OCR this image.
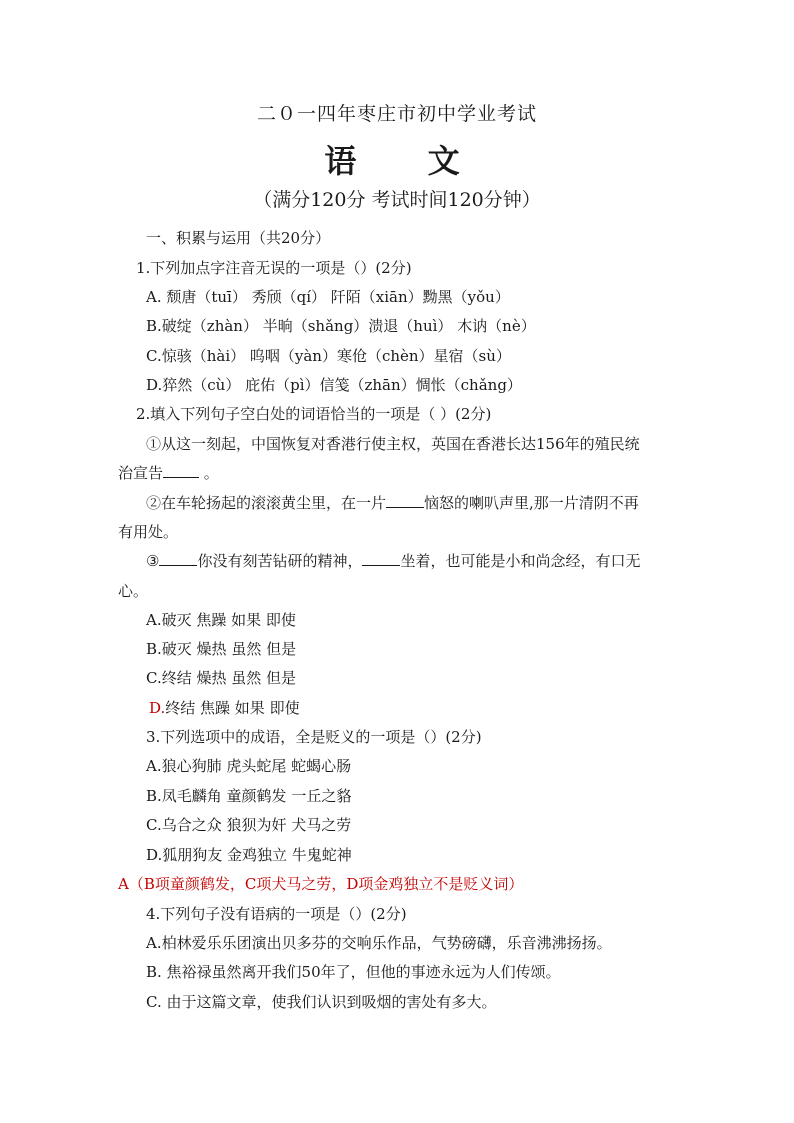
二０一四年枣庄市初中学业考试
语 文
（满分120分 考试时间120分钟）
一、积累与运用（共20分）
1.下列加点字注音无误的一项是（）(2分)
A. 颓唐（tuī） 秀颀（qí） 阡陌（xiān）黝黑（yǒu）
B.破绽（zhàn） 半晌（shǎng）溃退（huì） 木讷（nè）
C.惊骇（hài） 呜咽（yàn）寒伧（chèn）星宿（sù）
D.猝然（cù） 庇佑（pì）信笺（zhān）惆怅（chǎng）
2.填入下列句子空白处的词语恰当的一项是（ ）(2分)
①从这一刻起，中国恢复对香港行使主权，英国在香港长达156年的殖民统
治宣告 。
②在车轮扬起的滚滚黄尘里，在一片	恼怒的喇叭声里,那一片清阴不再
有用处。
③	你没有刻苦钻研的精神，	坐着，也可能是小和尚念经，有口无
心。
A.破灭 焦躁 如果 即使
B.破灭 燥热 虽然 但是
C.终结 燥热 虽然 但是
D.终结 焦躁 如果 即使
3.下列选项中的成语，全是贬义的一项是（）(2分)
A.狼心狗肺 虎头蛇尾 蛇蝎心肠
B.凤毛麟角 童颜鹤发 一丘之貉
C.乌合之众 狼狈为奸 犬马之劳
D.狐朋狗友 金鸡独立 牛鬼蛇神
A（B项童颜鹤发，C项犬马之劳，D项金鸡独立不是贬义词）
4.下列句子没有语病的一项是（）(2分)
A.柏林爱乐乐团演出贝多芬的交响乐作品，气势磅礴，乐音沸沸扬扬。
B. 焦裕禄虽然离开我们50年了，但他的事迹永远为人们传颂。
C. 由于这篇文章，使我们认识到吸烟的害处有多大。
